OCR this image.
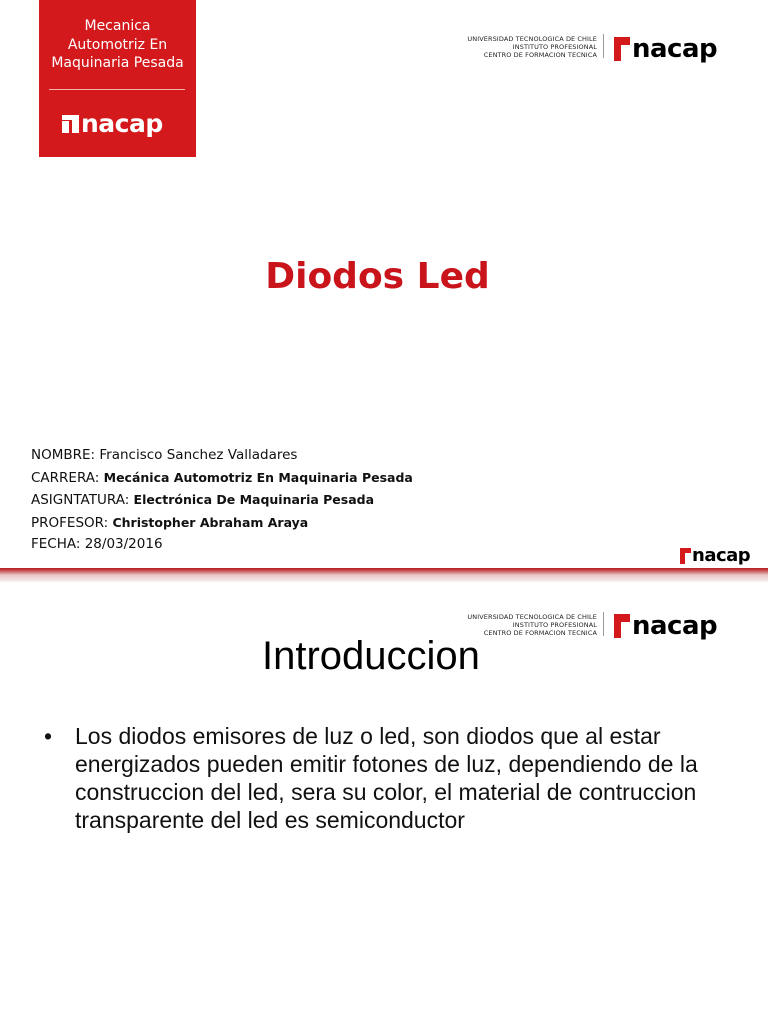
Mecanica
Automotriz En
Maquinaria Pesada
nacap
UNIVERSIDAD TECNOLOGICA DE CHILE
INSTITUTO PROFESIONAL
CENTRO DE FORMACION TECNICA nacap
Diodos Led
NOMBRE: Francisco Sanchez Valladares
CARRERA: Mecánica Automotriz En Maquinaria Pesada
ASIGNTATURA: Electrónica De Maquinaria Pesada
PROFESOR: Christopher Abraham Araya
FECHA: 28/03/2016
nacap
UNIVERSIDAD TECNOLOGICA DE CHILE
INSTITUTO PROFESIONAL
CENTRO DE FORMACION TECNICA nacap
Introduccion
• Los diodos emisores de luz o led, son diodos que al estar energizados pueden emitir fotones de luz, dependiendo de la construccion del led, sera su color, el material de contruccion transparente del led es semiconductor
